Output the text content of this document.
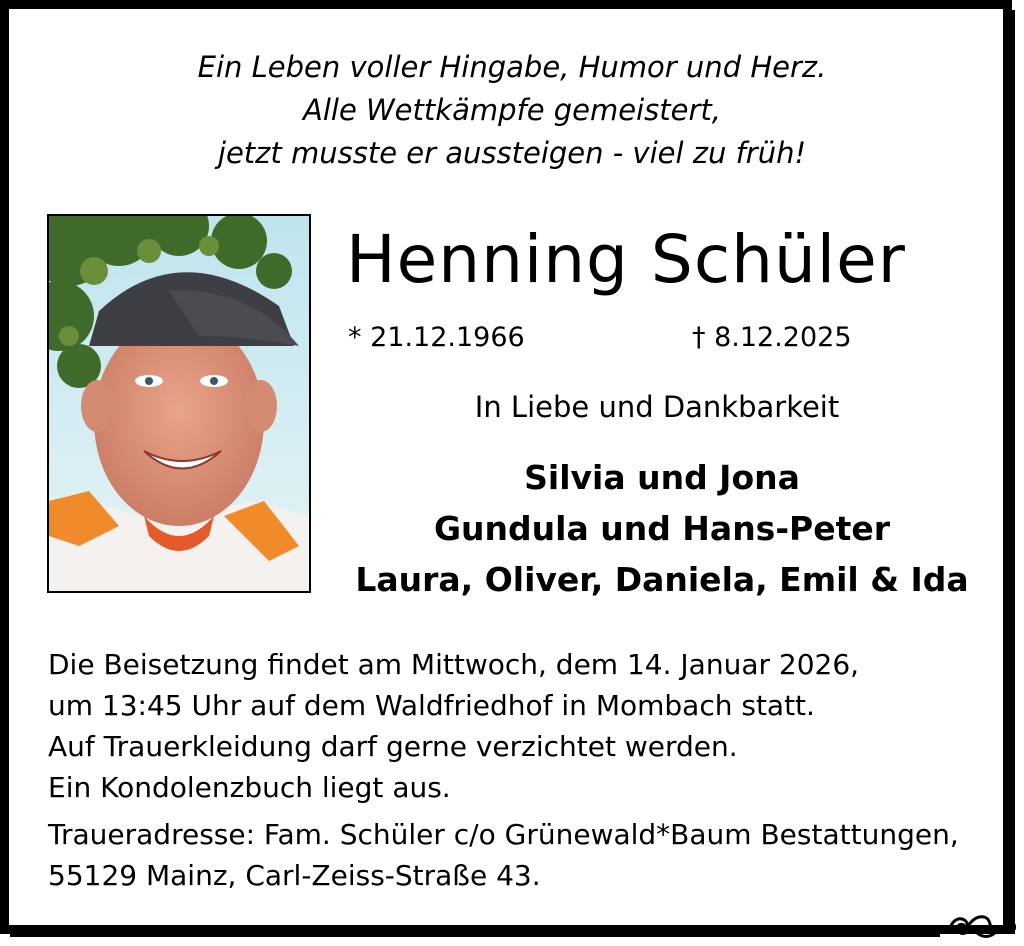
Ein Leben voller Hingabe, Humor und Herz.
Alle Wettkämpfe gemeistert,
jetzt musste er aussteigen - viel zu früh!
Henning Schüler
* 21.12.1966	† 8.12.2025
In Liebe und Dankbarkeit
Silvia und Jona
Gundula und Hans-Peter
Laura, Oliver, Daniela, Emil & Ida
Die Beisetzung findet am Mittwoch, dem 14. Januar 2026,
um 13:45 Uhr auf dem Waldfriedhof in Mombach statt.
Auf Trauerkleidung darf gerne verzichtet werden.
Ein Kondolenzbuch liegt aus.
Traueradresse: Fam. Schüler c/o Grünewald*Baum Bestattungen,
55129 Mainz, Carl-Zeiss-Straße 43.
